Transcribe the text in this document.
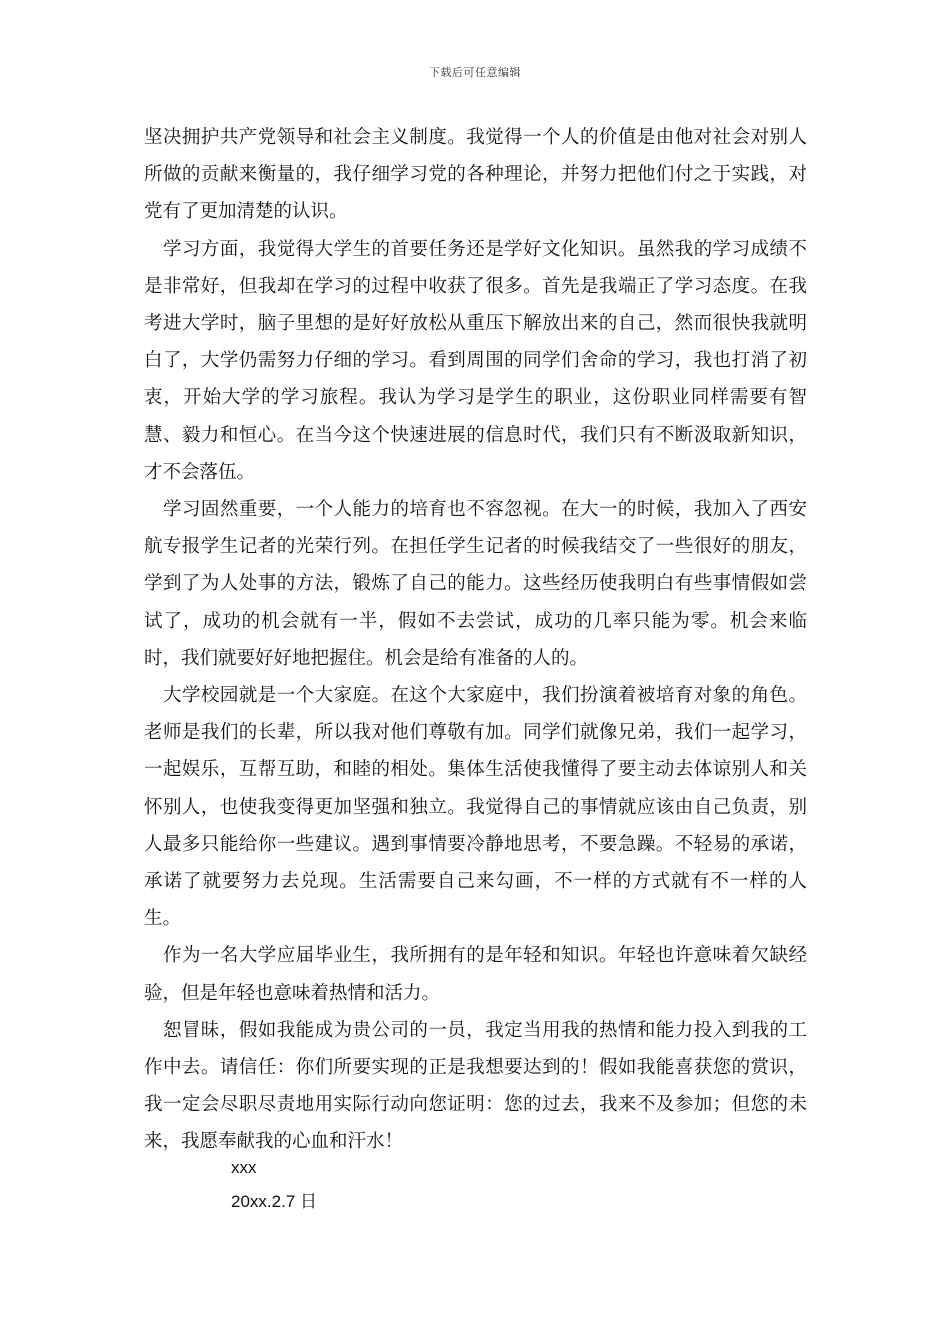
下载后可任意编辑

坚决拥护共产党领导和社会主义制度。我觉得一个人的价值是由他对社会对别人所做的贡献来衡量的，我仔细学习党的各种理论，并努力把他们付之于实践，对党有了更加清楚的认识。

学习方面，我觉得大学生的首要任务还是学好文化知识。虽然我的学习成绩不是非常好，但我却在学习的过程中收获了很多。首先是我端正了学习态度。在我考进大学时，脑子里想的是好好放松从重压下解放出来的自己，然而很快我就明白了，大学仍需努力仔细的学习。看到周围的同学们舍命的学习，我也打消了初衷，开始大学的学习旅程。我认为学习是学生的职业，这份职业同样需要有智慧、毅力和恒心。在当今这个快速进展的信息时代，我们只有不断汲取新知识，才不会落伍。

学习固然重要，一个人能力的培育也不容忽视。在大一的时候，我加入了西安航专报学生记者的光荣行列。在担任学生记者的时候我结交了一些很好的朋友，学到了为人处事的方法，锻炼了自己的能力。这些经历使我明白有些事情假如尝试了，成功的机会就有一半，假如不去尝试，成功的几率只能为零。机会来临时，我们就要好好地把握住。机会是给有准备的人的。

大学校园就是一个大家庭。在这个大家庭中，我们扮演着被培育对象的角色。老师是我们的长辈，所以我对他们尊敬有加。同学们就像兄弟，我们一起学习，一起娱乐，互帮互助，和睦的相处。集体生活使我懂得了要主动去体谅别人和关怀别人，也使我变得更加坚强和独立。我觉得自己的事情就应该由自己负责，别人最多只能给你一些建议。遇到事情要冷静地思考，不要急躁。不轻易的承诺，承诺了就要努力去兑现。生活需要自己来勾画，不一样的方式就有不一样的人生。

作为一名大学应届毕业生，我所拥有的是年轻和知识。年轻也许意味着欠缺经验，但是年轻也意味着热情和活力。

恕冒昧，假如我能成为贵公司的一员，我定当用我的热情和能力投入到我的工作中去。请信任：你们所要实现的正是我想要达到的！假如我能喜获您的赏识，我一定会尽职尽责地用实际行动向您证明：您的过去，我来不及参加；但您的未来，我愿奉献我的心血和汗水！

xxx
20xx.2.7 日
